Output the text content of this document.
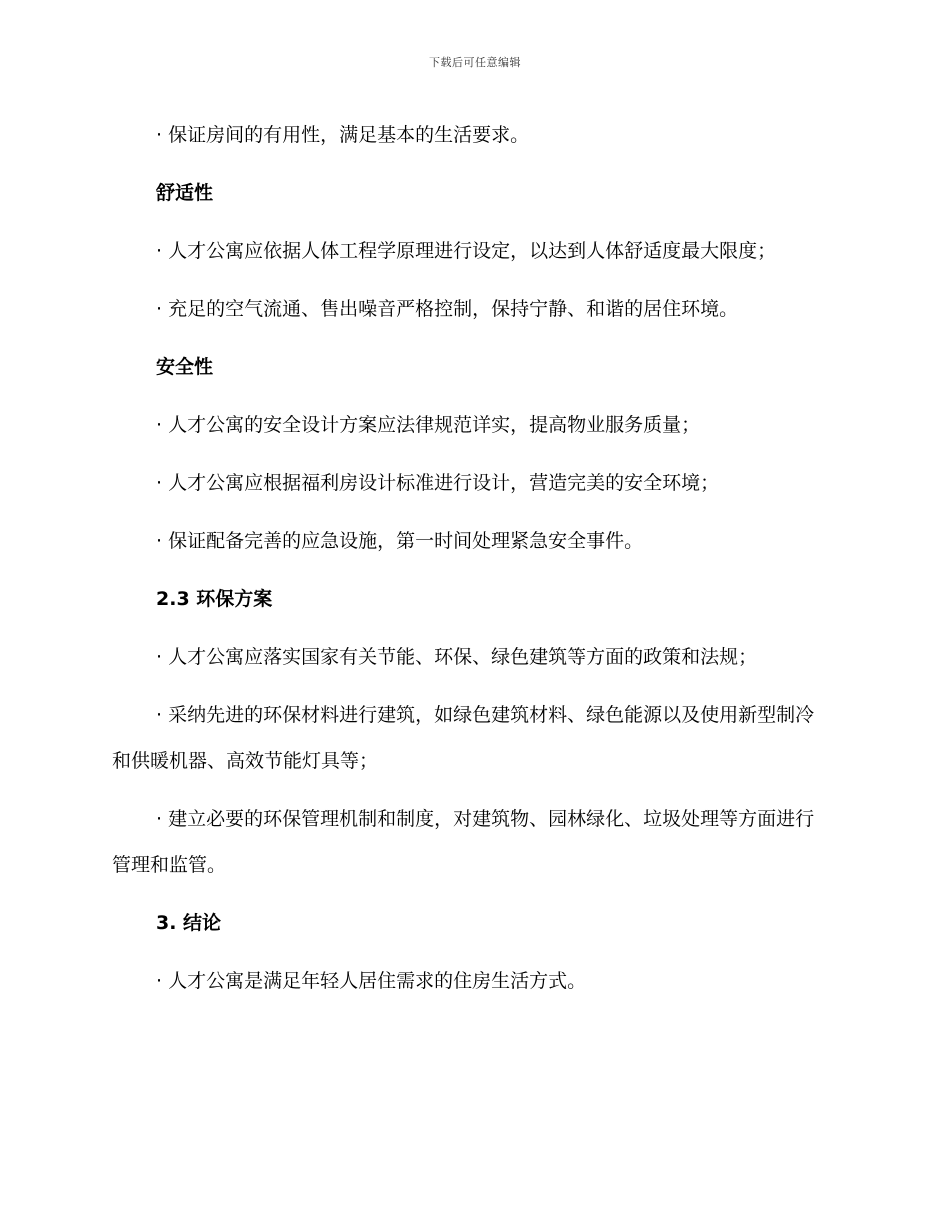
下载后可任意编辑

· 保证房间的有用性，满足基本的生活要求。

舒适性

· 人才公寓应依据人体工程学原理进行设定，以达到人体舒适度最大限度；

· 充足的空气流通、售出噪音严格控制，保持宁静、和谐的居住环境。

安全性

· 人才公寓的安全设计方案应法律规范详实，提高物业服务质量；

· 人才公寓应根据福利房设计标准进行设计，营造完美的安全环境；

· 保证配备完善的应急设施，第一时间处理紧急安全事件。

2.3 环保方案

· 人才公寓应落实国家有关节能、环保、绿色建筑等方面的政策和法规；

· 采纳先进的环保材料进行建筑，如绿色建筑材料、绿色能源以及使用新型制冷和供暖机器、高效节能灯具等；

· 建立必要的环保管理机制和制度，对建筑物、园林绿化、垃圾处理等方面进行管理和监管。

3. 结论

· 人才公寓是满足年轻人居住需求的住房生活方式。
